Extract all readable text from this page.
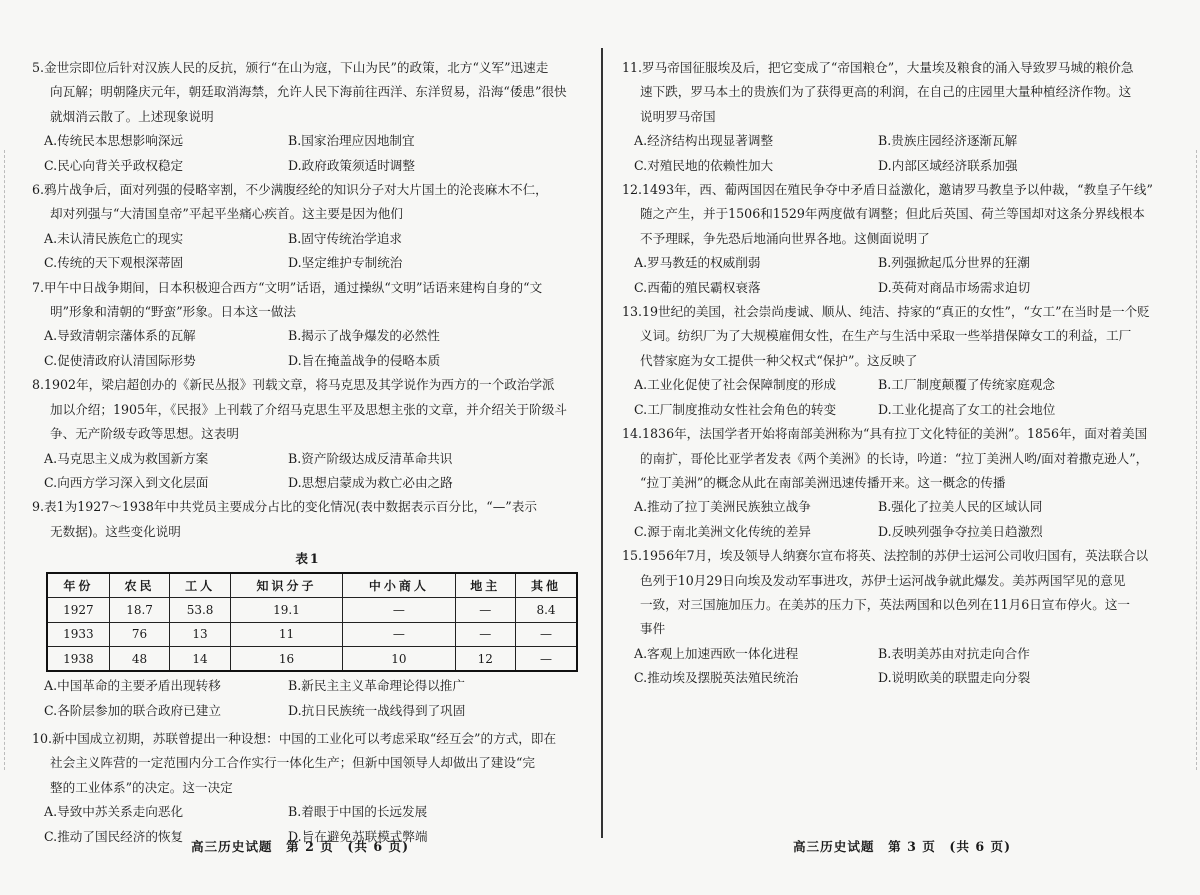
5.金世宗即位后针对汉族人民的反抗，颁行“在山为寇，下山为民”的政策，北方“义军”迅速走
向瓦解；明朝隆庆元年，朝廷取消海禁，允许人民下海前往西洋、东洋贸易，沿海“倭患”很快
就烟消云散了。上述现象说明
A.传统民本思想影响深远	B.国家治理应因地制宜
C.民心向背关乎政权稳定	D.政府政策须适时调整
6.鸦片战争后，面对列强的侵略宰割，不少满腹经纶的知识分子对大片国土的沦丧麻木不仁，
却对列强与“大清国皇帝”平起平坐痛心疾首。这主要是因为他们
A.未认清民族危亡的现实	B.固守传统治学追求
C.传统的天下观根深蒂固	D.坚定维护专制统治
7.甲午中日战争期间，日本积极迎合西方“文明”话语，通过操纵“文明”话语来建构自身的“文
明”形象和清朝的“野蛮”形象。日本这一做法
A.导致清朝宗藩体系的瓦解	B.揭示了战争爆发的必然性
C.促使清政府认清国际形势	D.旨在掩盖战争的侵略本质
8.1902年，梁启超创办的《新民丛报》刊载文章，将马克思及其学说作为西方的一个政治学派
加以介绍；1905年，《民报》上刊载了介绍马克思生平及思想主张的文章，并介绍关于阶级斗
争、无产阶级专政等思想。这表明
A.马克思主义成为救国新方案	B.资产阶级达成反清革命共识
C.向西方学习深入到文化层面	D.思想启蒙成为救亡必由之路
9.表1为1927～1938年中共党员主要成分占比的变化情况(表中数据表示百分比，“—”表示
无数据)。这些变化说明
表1
年份	农民	工人	知识分子	中小商人	地主	其他
1927	18.7	53.8	19.1	—	—	8.4
1933	76	13	11	—	—	—
1938	48	14	16	10	12	—
A.中国革命的主要矛盾出现转移	B.新民主主义革命理论得以推广
C.各阶层参加的联合政府已建立	D.抗日民族统一战线得到了巩固
10.新中国成立初期，苏联曾提出一种设想：中国的工业化可以考虑采取“经互会”的方式，即在
社会主义阵营的一定范围内分工合作实行一体化生产；但新中国领导人却做出了建设“完
整的工业体系”的决定。这一决定
A.导致中苏关系走向恶化	B.着眼于中国的长远发展
C.推动了国民经济的恢复	D.旨在避免苏联模式弊端
高三历史试题　第 2 页　(共 6 页)
11.罗马帝国征服埃及后，把它变成了“帝国粮仓”，大量埃及粮食的涌入导致罗马城的粮价急
速下跌，罗马本土的贵族们为了获得更高的利润，在自己的庄园里大量种植经济作物。这
说明罗马帝国
A.经济结构出现显著调整	B.贵族庄园经济逐渐瓦解
C.对殖民地的依赖性加大	D.内部区域经济联系加强
12.1493年，西、葡两国因在殖民争夺中矛盾日益激化，邀请罗马教皇予以仲裁，“教皇子午线”
随之产生，并于1506和1529年两度做有调整；但此后英国、荷兰等国却对这条分界线根本
不予理睬，争先恐后地涌向世界各地。这侧面说明了
A.罗马教廷的权威削弱	B.列强掀起瓜分世界的狂潮
C.西葡的殖民霸权衰落	D.英荷对商品市场需求迫切
13.19世纪的美国，社会崇尚虔诚、顺从、纯洁、持家的“真正的女性”，“女工”在当时是一个贬
义词。纺织厂为了大规模雇佣女性，在生产与生活中采取一些举措保障女工的利益，工厂
代替家庭为女工提供一种父权式“保护”。这反映了
A.工业化促使了社会保障制度的形成	B.工厂制度颠覆了传统家庭观念
C.工厂制度推动女性社会角色的转变	D.工业化提高了女工的社会地位
14.1836年，法国学者开始将南部美洲称为“具有拉丁文化特征的美洲”。1856年，面对着美国
的南扩，哥伦比亚学者发表《两个美洲》的长诗，吟道：“拉丁美洲人哟/面对着撒克逊人”，
“拉丁美洲”的概念从此在南部美洲迅速传播开来。这一概念的传播
A.推动了拉丁美洲民族独立战争	B.强化了拉美人民的区域认同
C.源于南北美洲文化传统的差异	D.反映列强争夺拉美日趋激烈
15.1956年7月，埃及领导人纳赛尔宣布将英、法控制的苏伊士运河公司收归国有，英法联合以
色列于10月29日向埃及发动军事进攻，苏伊士运河战争就此爆发。美苏两国罕见的意见
一致，对三国施加压力。在美苏的压力下，英法两国和以色列在11月6日宣布停火。这一
事件
A.客观上加速西欧一体化进程	B.表明美苏由对抗走向合作
C.推动埃及摆脱英法殖民统治	D.说明欧美的联盟走向分裂
高三历史试题　第 3 页　(共 6 页)
